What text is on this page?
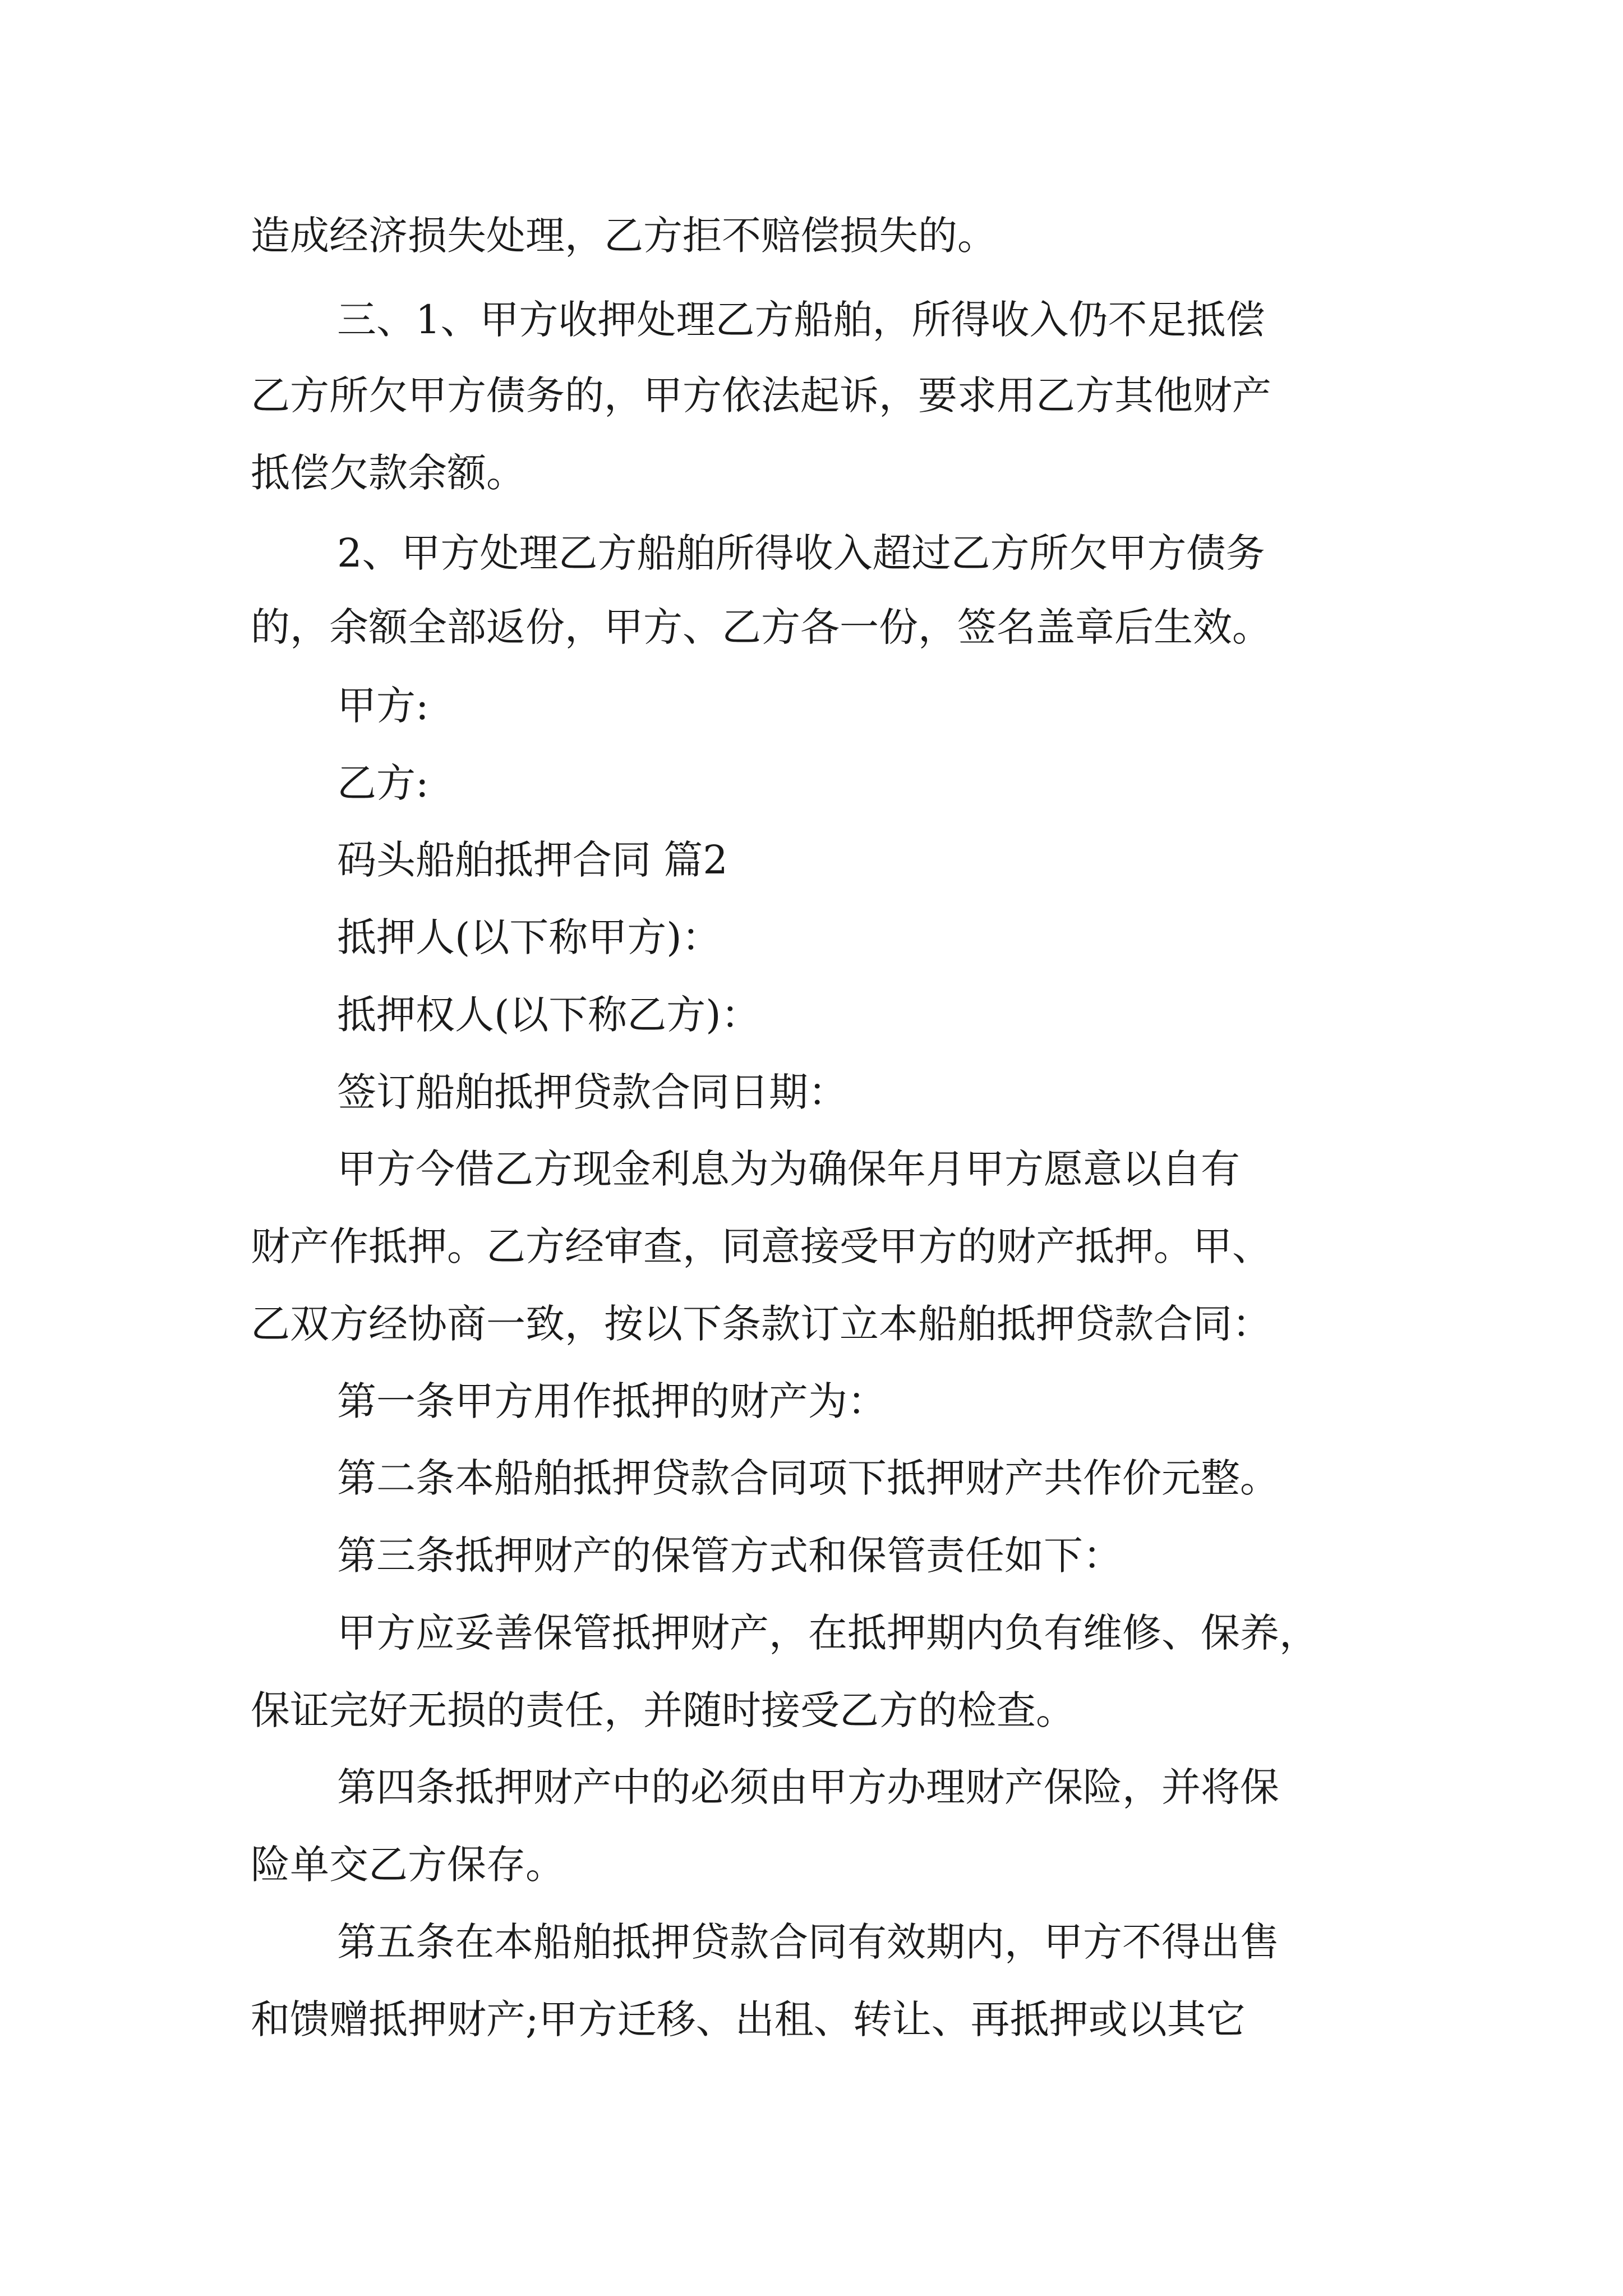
造成经济损失处理，乙方拒不赔偿损失的。
三、1、甲方收押处理乙方船舶，所得收入仍不足抵偿
乙方所欠甲方债务的，甲方依法起诉，要求用乙方其他财产
抵偿欠款余额。
2、甲方处理乙方船舶所得收入超过乙方所欠甲方债务
的，余额全部返份，甲方、乙方各一份，签名盖章后生效。
甲方:
乙方:
码头船舶抵押合同 篇2
抵押人(以下称甲方)：
抵押权人(以下称乙方)：
签订船舶抵押贷款合同日期：
甲方今借乙方现金利息为为确保年月甲方愿意以自有
财产作抵押。乙方经审查，同意接受甲方的财产抵押。甲、
乙双方经协商一致，按以下条款订立本船舶抵押贷款合同：
第一条甲方用作抵押的财产为：
第二条本船舶抵押贷款合同项下抵押财产共作价元整。
第三条抵押财产的保管方式和保管责任如下：
甲方应妥善保管抵押财产，在抵押期内负有维修、保养，
保证完好无损的责任，并随时接受乙方的检查。
第四条抵押财产中的必须由甲方办理财产保险，并将保
险单交乙方保存。
第五条在本船舶抵押贷款合同有效期内，甲方不得出售
和馈赠抵押财产;甲方迁移、出租、转让、再抵押或以其它
